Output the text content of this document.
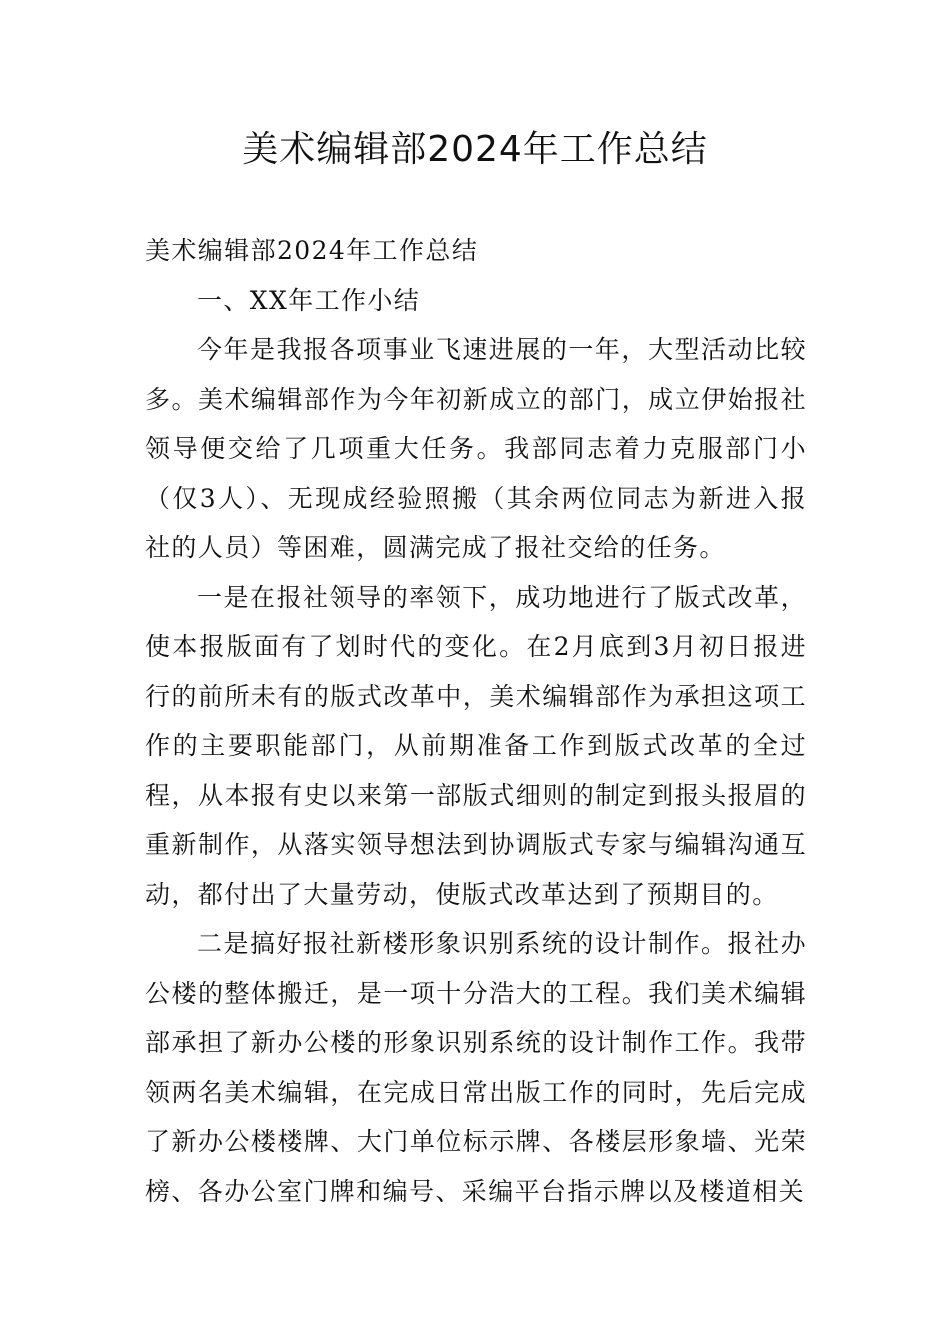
美术编辑部2024年工作总结

美术编辑部2024年工作总结

一、XX年工作小结

今年是我报各项事业飞速进展的一年，大型活动比较多。美术编辑部作为今年初新成立的部门，成立伊始报社领导便交给了几项重大任务。我部同志着力克服部门小（仅3人）、无现成经验照搬（其余两位同志为新进入报社的人员）等困难，圆满完成了报社交给的任务。

一是在报社领导的率领下，成功地进行了版式改革，使本报版面有了划时代的变化。在2月底到3月初日报进行的前所未有的版式改革中，美术编辑部作为承担这项工作的主要职能部门，从前期准备工作到版式改革的全过程，从本报有史以来第一部版式细则的制定到报头报眉的重新制作，从落实领导想法到协调版式专家与编辑沟通互动，都付出了大量劳动，使版式改革达到了预期目的。

二是搞好报社新楼形象识别系统的设计制作。报社办公楼的整体搬迁，是一项十分浩大的工程。我们美术编辑部承担了新办公楼的形象识别系统的设计制作工作。我带领两名美术编辑，在完成日常出版工作的同时，先后完成了新办公楼楼牌、大门单位标示牌、各楼层形象墙、光荣榜、各办公室门牌和编号、采编平台指示牌以及楼道相关
